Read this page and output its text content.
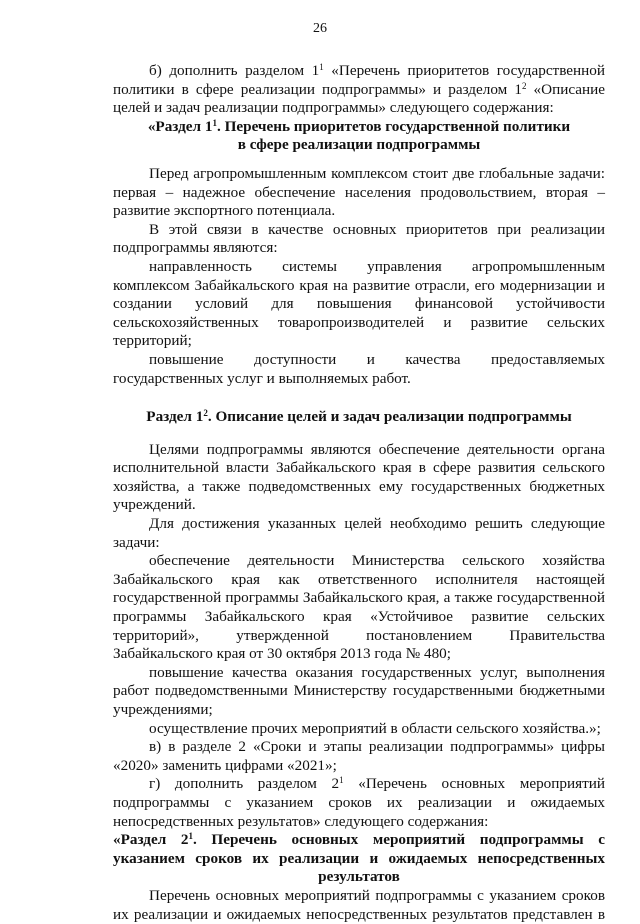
26

б) дополнить разделом $1^1$ «Перечень приоритетов государственной политики в сфере реализации подпрограммы» и разделом $1^2$ «Описание целей и задач реализации подпрограммы» следующего содержания:

«Раздел $1^1$. Перечень приоритетов государственной политики
в сфере реализации подпрограммы

Перед агропромышленным комплексом стоит две глобальные задачи: первая – надежное обеспечение населения продовольствием, вторая – развитие экспортного потенциала.

В этой связи в качестве основных приоритетов при реализации подпрограммы являются:

направленность системы управления агропромышленным комплексом Забайкальского края на развитие отрасли, его модернизации и создании условий для повышения финансовой устойчивости сельскохозяйственных товаропроизводителей и развитие сельских территорий;

повышение доступности и качества предоставляемых государственных услуг и выполняемых работ.

Раздел $1^2$. Описание целей и задач реализации подпрограммы

Целями подпрограммы являются обеспечение деятельности органа исполнительной власти Забайкальского края в сфере развития сельского хозяйства, а также подведомственных ему государственных бюджетных учреждений.

Для достижения указанных целей необходимо решить следующие задачи:

обеспечение деятельности Министерства сельского хозяйства Забайкальского края как ответственного исполнителя настоящей государственной программы Забайкальского края, а также государственной программы Забайкальского края «Устойчивое развитие сельских территорий», утвержденной постановлением Правительства Забайкальского края от 30 октября 2013 года № 480;

повышение качества оказания государственных услуг, выполнения работ подведомственными Министерству государственными бюджетными учреждениями;

осуществление прочих мероприятий в области сельского хозяйства.»;

в) в разделе 2 «Сроки и этапы реализации подпрограммы» цифры «2020» заменить цифрами «2021»;

г) дополнить разделом $2^1$ «Перечень основных мероприятий подпрограммы с указанием сроков их реализации и ожидаемых непосредственных результатов» следующего содержания:

«Раздел $2^1$. Перечень основных мероприятий подпрограммы с указанием сроков их реализации и ожидаемых непосредственных результатов

Перечень основных мероприятий подпрограммы с указанием сроков их реализации и ожидаемых непосредственных результатов представлен в
